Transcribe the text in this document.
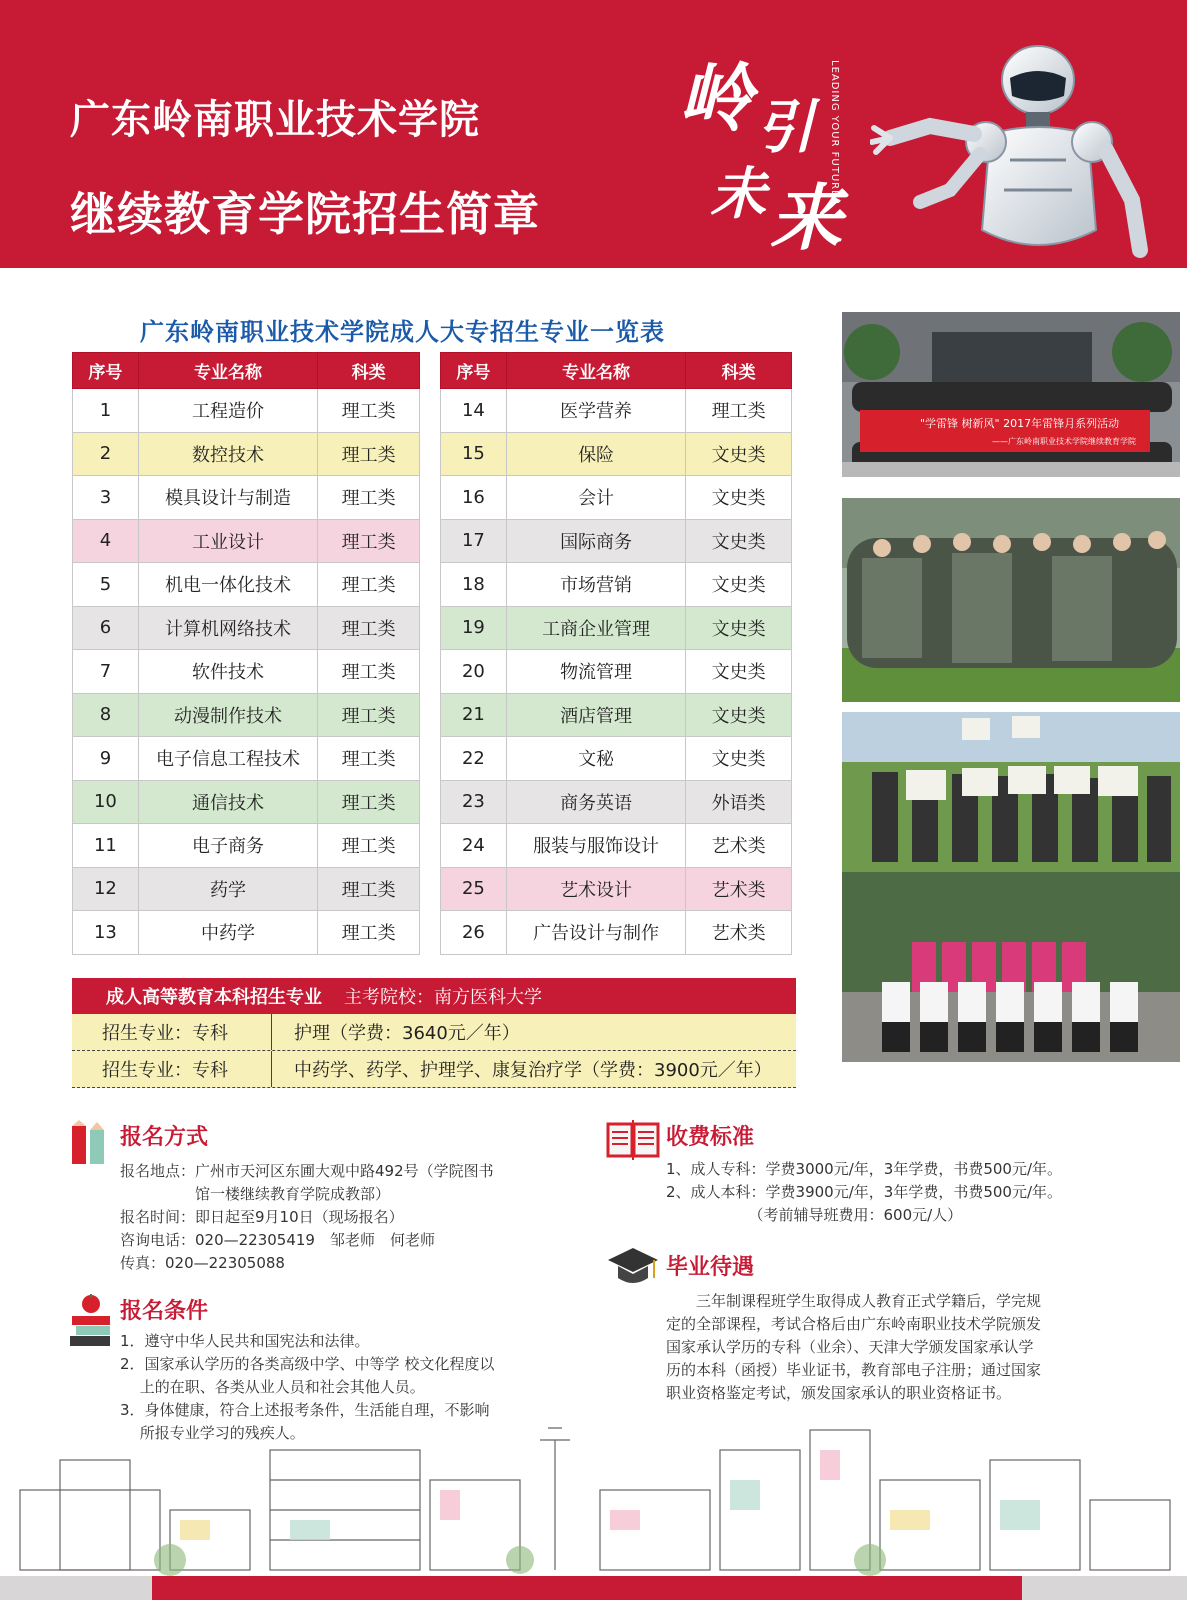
广东岭南职业技术学院
继续教育学院招生简章
岭 引
未 来
LEADING YOUR FUTURE
广东岭南职业技术学院成人大专招生专业一览表
序号	专业名称	科类
1	工程造价	理工类
2	数控技术	理工类
3	模具设计与制造	理工类
4	工业设计	理工类
5	机电一体化技术	理工类
6	计算机网络技术	理工类
7	软件技术	理工类
8	动漫制作技术	理工类
9	电子信息工程技术	理工类
10	通信技术	理工类
11	电子商务	理工类
12	药学	理工类
13	中药学	理工类
序号	专业名称	科类
14	医学营养	理工类
15	保险	文史类
16	会计	文史类
17	国际商务	文史类
18	市场营销	文史类
19	工商企业管理	文史类
20	物流管理	文史类
21	酒店管理	文史类
22	文秘	文史类
23	商务英语	外语类
24	服装与服饰设计	艺术类
25	艺术设计	艺术类
26	广告设计与制作	艺术类
"学雷锋 树新风" 2017年雷锋月系列活动
——广东岭南职业技术学院继续教育学院
成人高等教育本科招生专业 主考院校：南方医科大学
招生专业：专科	护理（学费：3640元／年）
招生专业：专科	中药学、药学、护理学、康复治疗学（学费：3900元／年）
报名方式
报名地点：广州市天河区东圃大观中路492号（学院图书
　　　　　馆一楼继续教育学院成教部）
报名时间：即日起至9月10日（现场报名）
咨询电话：020—22305419　邹老师　何老师
传真：020—22305088
报名条件
1．遵守中华人民共和国宪法和法律。
2．国家承认学历的各类高级中学、中等学 校文化程度以
　 上的在职、各类从业人员和社会其他人员。
3．身体健康，符合上述报考条件，生活能自理，不影响
　 所报专业学习的残疾人。
收费标准
1、成人专科：学费3000元/年，3年学费，书费500元/年。
2、成人本科：学费3900元/年，3年学费，书费500元/年。
　　　　　　（考前辅导班费用：600元/人）
毕业待遇
　　三年制课程班学生取得成人教育正式学籍后，学完规
定的全部课程，考试合格后由广东岭南职业技术学院颁发
国家承认学历的专科（业余）、天津大学颁发国家承认学
历的本科（函授）毕业证书，教育部电子注册；通过国家
职业资格鉴定考试，颁发国家承认的职业资格证书。
